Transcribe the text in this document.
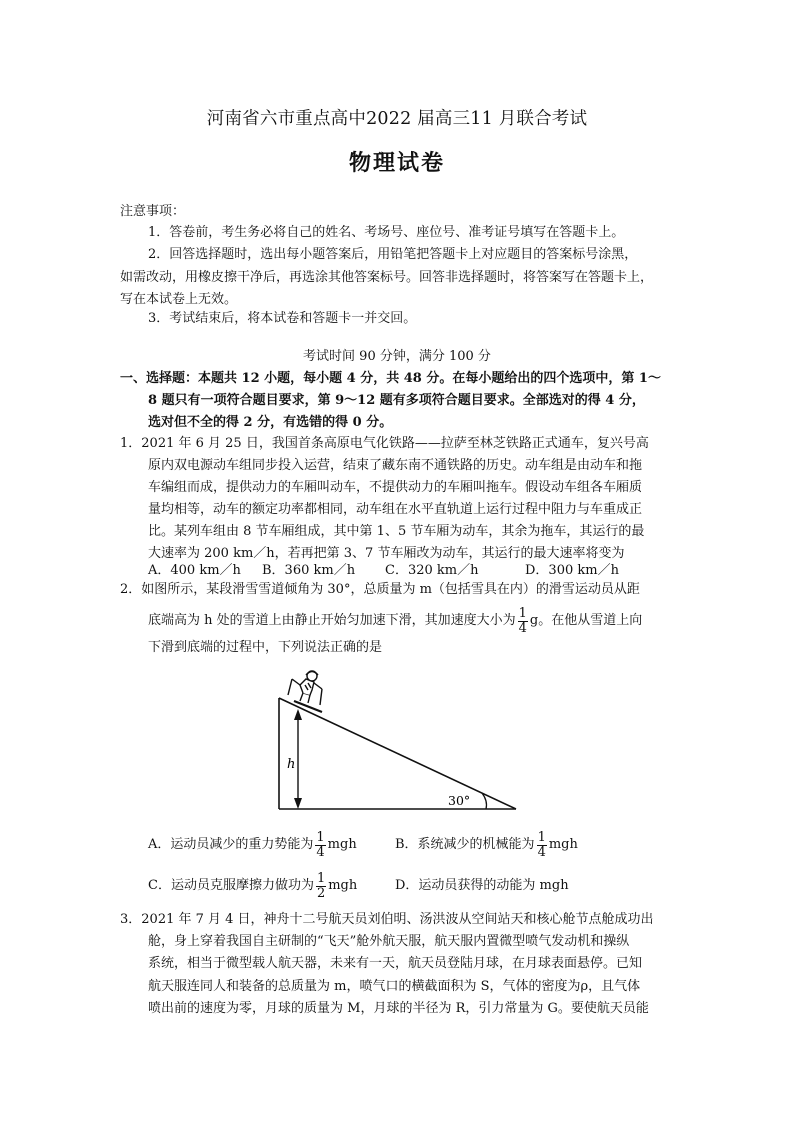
河南省六市重点高中2022 届高三11 月联合考试
物理试卷
注意事项：
1．答卷前，考生务必将自己的姓名、考场号、座位号、准考证号填写在答题卡上。
2．回答选择题时，选出每小题答案后，用铅笔把答题卡上对应题目的答案标号涂黑，
如需改动，用橡皮擦干净后，再选涂其他答案标号。回答非选择题时，将答案写在答题卡上，
写在本试卷上无效。
3．考试结束后，将本试卷和答题卡一并交回。
考试时间 90 分钟，满分 100 分
一、选择题：本题共 12 小题，每小题 4 分，共 48 分。在每小题给出的四个选项中，第 1～
8 题只有一项符合题目要求，第 9～12 题有多项符合题目要求。全部选对的得 4 分，
选对但不全的得 2 分，有选错的得 0 分。
1．2021 年 6 月 25 日，我国首条高原电气化铁路——拉萨至林芝铁路正式通车，复兴号高
原内双电源动车组同步投入运营，结束了藏东南不通铁路的历史。动车组是由动车和拖
车编组而成，提供动力的车厢叫动车，不提供动力的车厢叫拖车。假设动车组各车厢质
量均相等，动车的额定功率都相同，动车组在水平直轨道上运行过程中阻力与车重成正
比。某列车组由 8 节车厢组成，其中第 1、5 节车厢为动车，其余为拖车，其运行的最
大速率为 200 km／h，若再把第 3、7 节车厢改为动车，其运行的最大速率将变为
A．400 km／h B．360 km／h C．320 km／h	D．300 km／h
2．如图所示，某段滑雪雪道倾角为 30°，总质量为 m（包括雪具在内）的滑雪运动员从距
底端高为 h 处的雪道上由静止开始匀加速下滑，其加速度大小为 $\frac{1}{4}$ g。在他从雪道上向
下滑到底端的过程中，下列说法正确的是
h
30°
A．运动员减少的重力势能为 $\frac{1}{4}$ mgh	B．系统减少的机械能为 $\frac{1}{4}$ mgh
C．运动员克服摩擦力做功为 $\frac{1}{2}$ mgh	D．运动员获得的动能为 mgh
3．2021 年 7 月 4 日，神舟十二号航天员刘伯明、汤洪波从空间站天和核心舱节点舱成功出
舱，身上穿着我国自主研制的“飞天”舱外航天服，航天服内置微型喷气发动机和操纵
系统，相当于微型载人航天器，未来有一天，航天员登陆月球，在月球表面悬停。已知
航天服连同人和装备的总质量为 m，喷气口的横截面积为 S，气体的密度为ρ，且气体
喷出前的速度为零，月球的质量为 M，月球的半径为 R，引力常量为 G。要使航天员能
